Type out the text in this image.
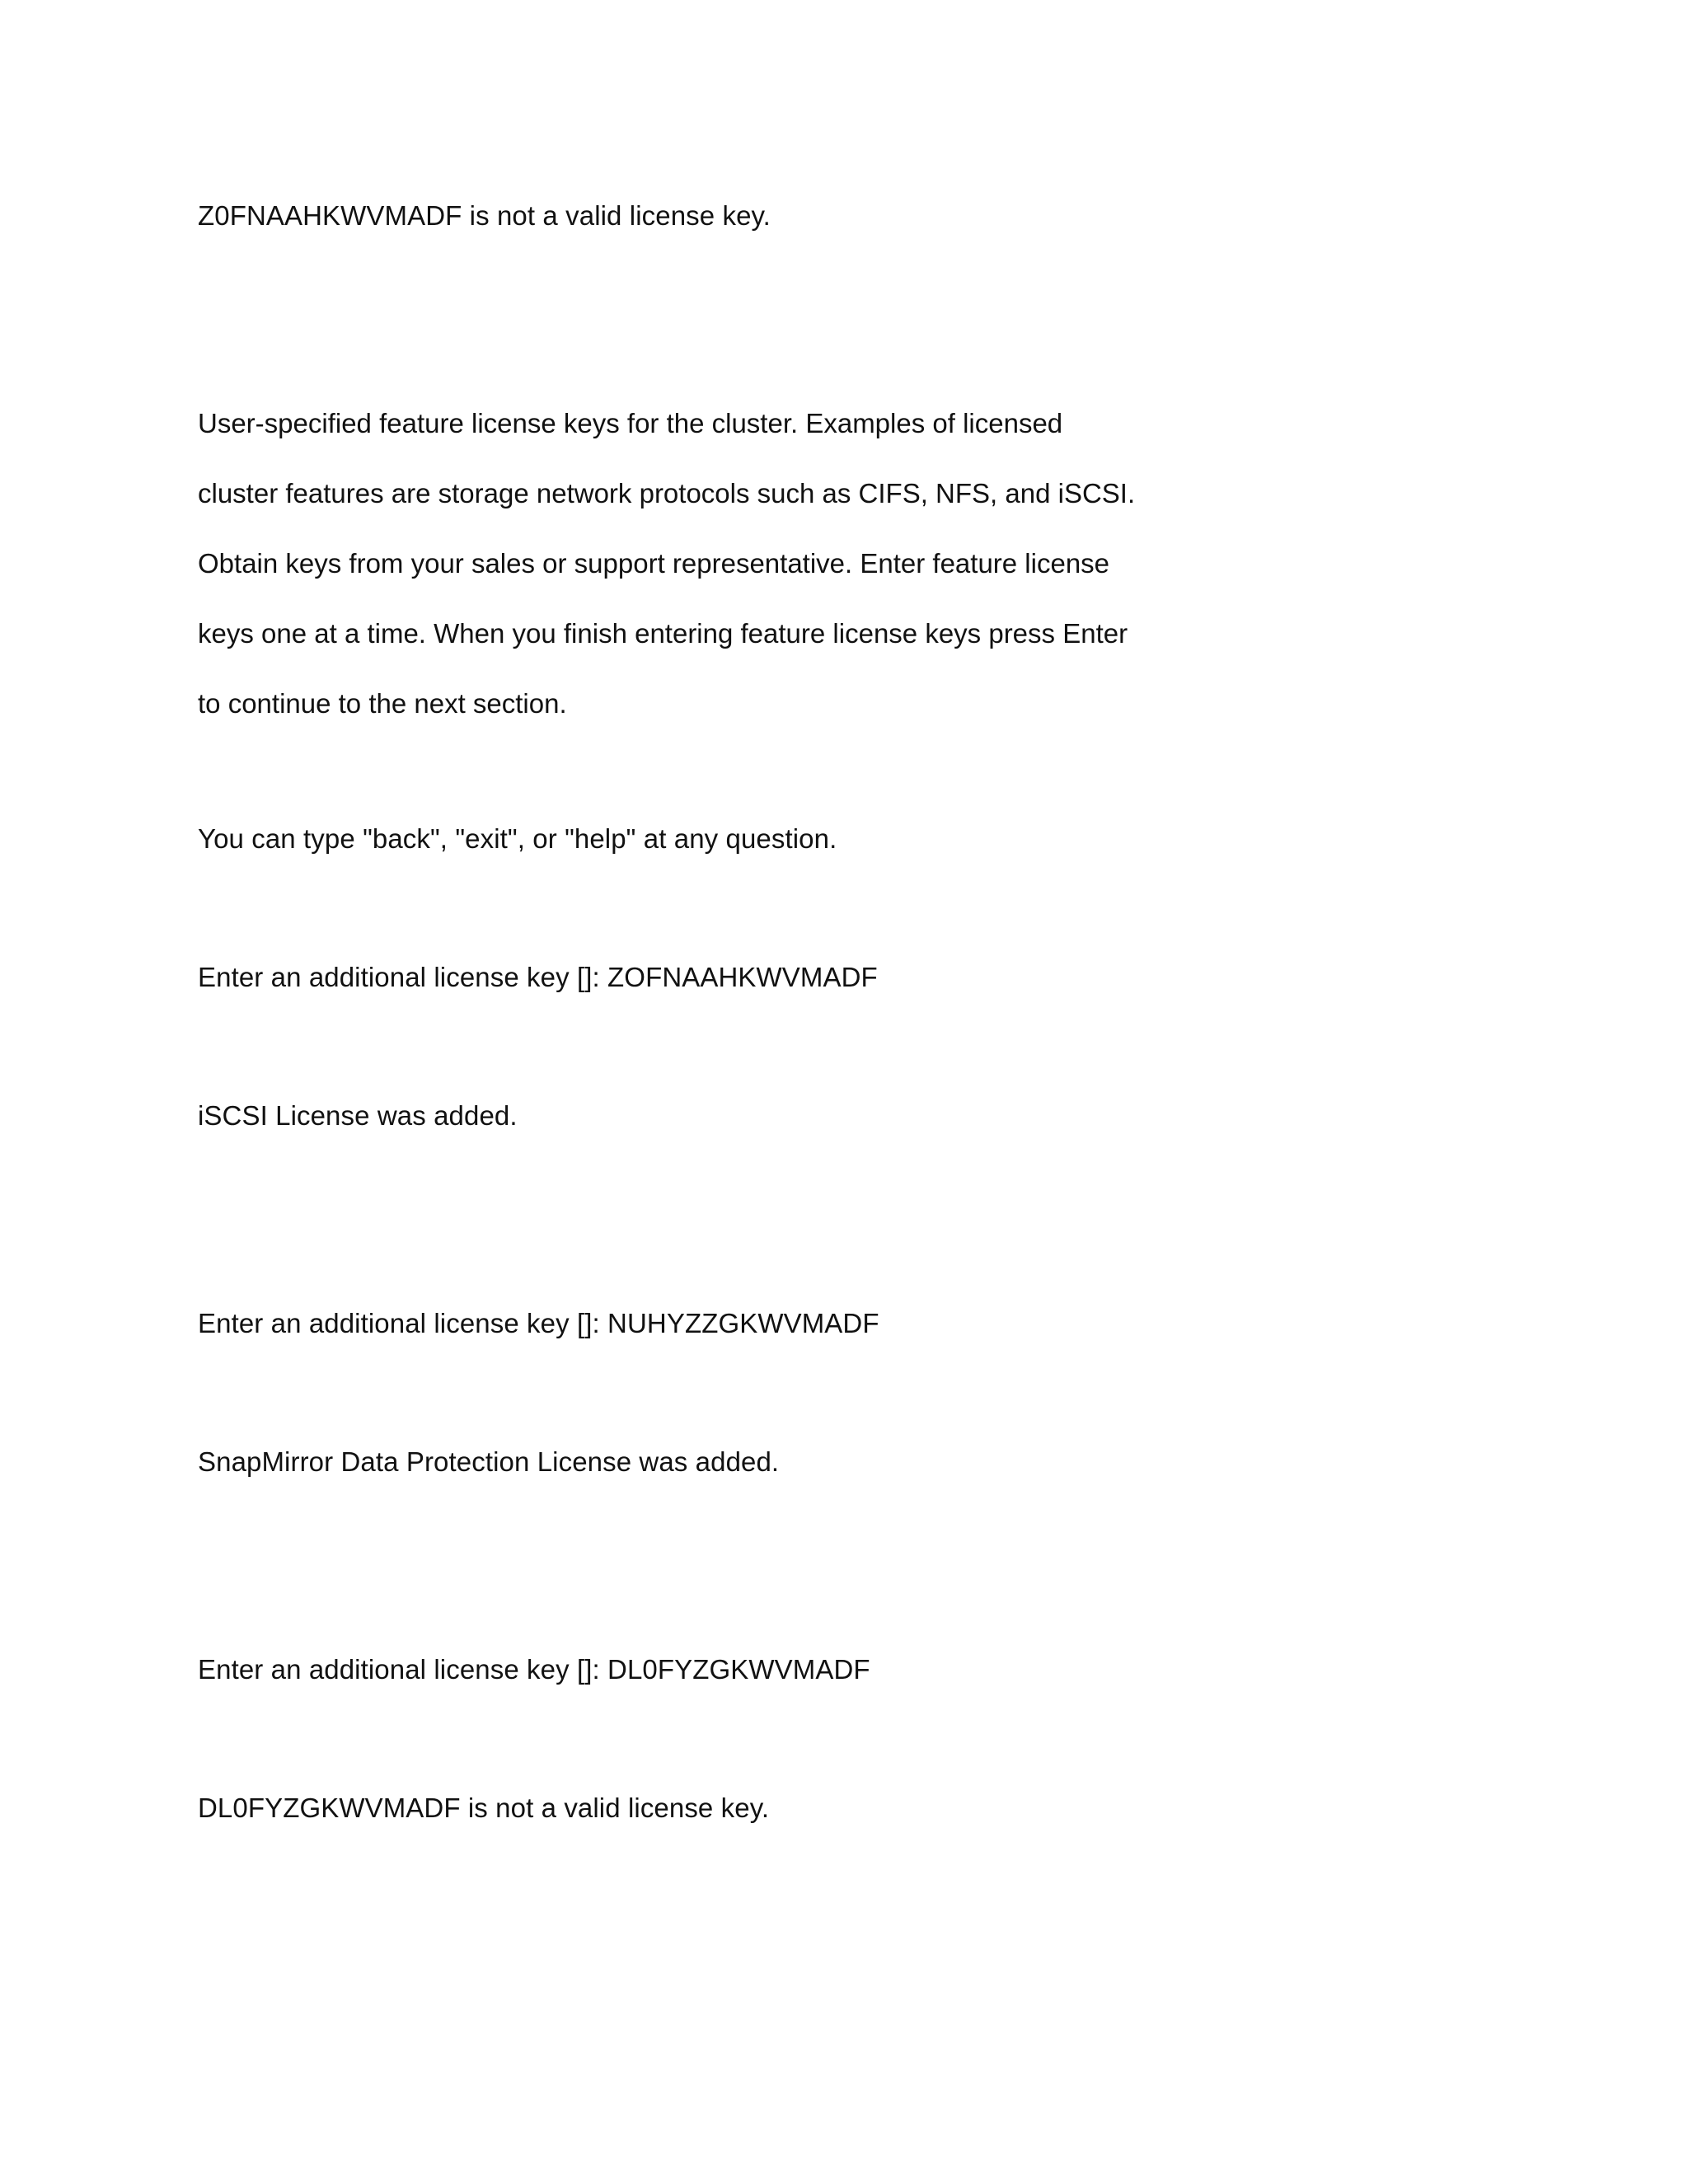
Z0FNAAHKWVMADF is not a valid license key.
User-specified feature license keys for the cluster. Examples of licensed
cluster features are storage network protocols such as CIFS, NFS, and iSCSI.
Obtain keys from your sales or support representative. Enter feature license
keys one at a time. When you finish entering feature license keys press Enter
to continue to the next section.
You can type "back", "exit", or "help" at any question.
Enter an additional license key []: ZOFNAAHKWVMADF
iSCSI License was added.
Enter an additional license key []: NUHYZZGKWVMADF
SnapMirror Data Protection License was added.
Enter an additional license key []: DL0FYZGKWVMADF
DL0FYZGKWVMADF is not a valid license key.
